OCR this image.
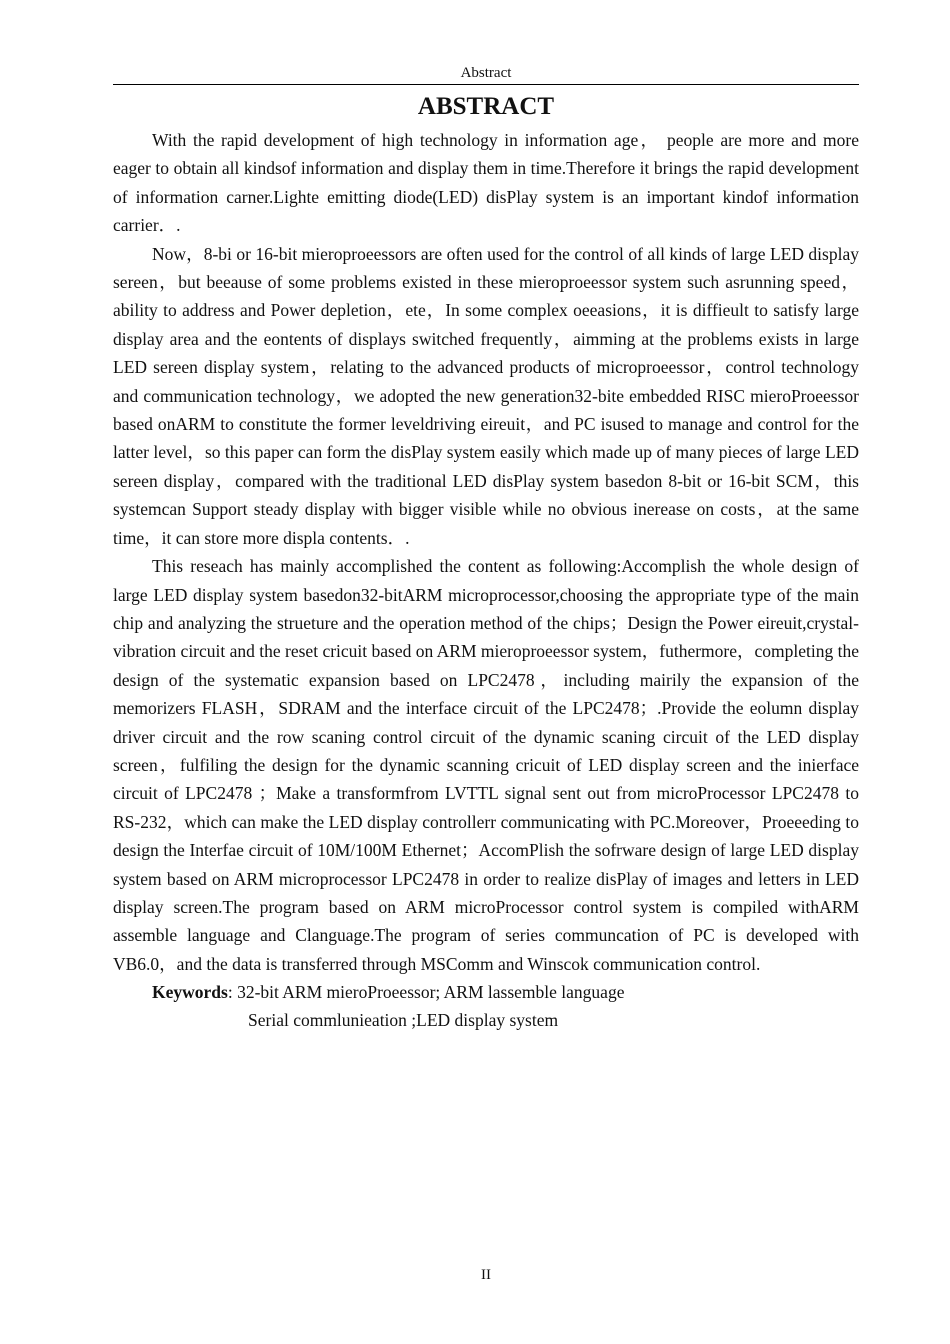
Abstract
ABSTRACT

With the rapid development of high technology in information age， people are more and more eager to obtain all kindsof information and display them in time.Therefore it brings the rapid development of information carner.Lighte emitting diode(LED) disPlay system is an important kindof information carrier．.

Now，8-bi or 16-bit mieroproeessors are often used for the control of all kinds of large LED display sereen，but beeause of some problems existed in these mieroproeessor system such asrunning speed，ability to address and Power depletion，ete，In some complex oeeasions，it is diffieult to satisfy large display area and the eontents of displays switched frequently，aimming at the problems exists in large LED sereen display system，relating to the advanced products of microproeessor，control technology and communication technology，we adopted the new generation32-bite embedded RISC mieroProeessor based onARM to constitute the former leveldriving eireuit，and PC isused to manage and control for the latter level，so this paper can form the disPlay system easily which made up of many pieces of large LED sereen display，compared with the traditional LED disPlay system basedon 8-bit or 16-bit SCM，this systemcan Support steady display with bigger visible while no obvious inerease on costs，at the same time，it can store more displa contents．.

This reseach has mainly accomplished the content as following:Accomplish the whole design of large LED display system basedon32-bitARM microprocessor,choosing the appropriate type of the main chip and analyzing the strueture and the operation method of the chips；Design the Power eireuit,crystal-vibration circuit and the reset cricuit based on ARM mieroproeessor system，futhermore，completing the design of the systematic expansion based on LPC2478，including mairily the expansion of the memorizers FLASH，SDRAM and the interface circuit of the LPC2478；.Provide the eolumn display driver circuit and the row scaning control circuit of the dynamic scaning circuit of the LED display screen，fulfiling the design for the dynamic scanning cricuit of LED display screen and the inierface circuit of LPC2478 ；Make a transformfrom LVTTL signal sent out from microProcessor LPC2478 to RS-232，which can make the LED display controllerr communicating with PC.Moreover，Proeeeding to design the Interfae circuit of 10M/100M Ethernet；AccomPlish the sofrware design of large LED display system based on ARM microprocessor LPC2478 in order to realize disPlay of images and letters in LED display screen.The program based on ARM microProcessor control system is compiled withARM assemble language and Clanguage.The program of series communcation of PC is developed with VB6.0，and the data is transferred through MSComm and Winscok communication control.

Keywords: 32-bit ARM mieroProeessor; ARM lassemble language
Serial commlunieation ;LED display system
II
